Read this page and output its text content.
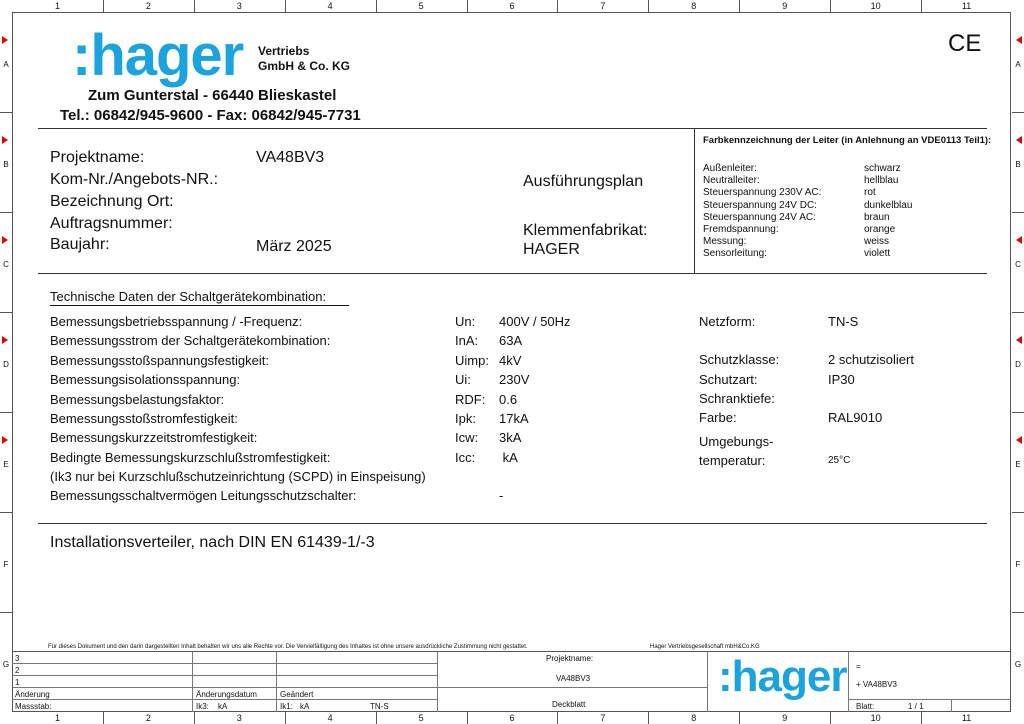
1	2	3	4	5	6	7	8	9	10	11
1	2	3	4	5	6	7	8	9	10	11
A
B
C
D
E
F
G
A
B
C
D
E
F
G
CE
:hager Vertriebs
GmbH & Co. KG
Zum Gunterstal - 66440 Blieskastel
Tel.: 06842/945-9600 - Fax: 06842/945-7731
Farbkennzeichnung der Leiter (in Anlehnung an VDE0113 Teil1):
Außenleiter:	schwarz
Neutralleiter:	hellblau
Steuerspannung 230V AC:	rot
Steuerspannung 24V DC:	dunkelblau
Steuerspannung 24V AC:	braun
Fremdspannung:	orange
Messung:	weiss
Sensorleitung:	violett
Projektname:	VA48BV3
Kom-Nr./Angebots-NR.:
Bezeichnung Ort:
Auftragsnummer:
Baujahr:	März 2025
Ausführungsplan
Klemmenfabrikat:
HAGER
Technische Daten der Schaltgerätekombination:
Bemessungsbetriebsspannung / -Frequenz:	Un: 400V / 50Hz
Bemessungsstrom der Schaltgerätekombination:	InA: 63A
Bemessungsstoßspannungsfestigkeit:	Uimp: 4kV
Bemessungsisolationsspannung:	Ui: 230V
Bemessungsbelastungsfaktor:	RDF: 0.6
Bemessungsstoßstromfestigkeit:	Ipk: 17kA
Bemessungskurzzeitstromfestigkeit:	Icw: 3kA
Bedingte Bemessungskurzschlußstromfestigkeit:	Icc: kA
(Ik3 nur bei Kurzschlußschutzeinrichtung (SCPD) in Einspeisung)
Bemessungsschaltvermögen Leitungsschutzschalter:	-
Netzform:	TN-S
Schutzklasse:	2 schutzisoliert
Schutzart:	IP30
Schranktiefe:
Farbe:	RAL9010
Umgebungs-
temperatur:	25°C
Installationsverteiler, nach DIN EN 61439-1/-3
Für dieses Dokument und den darin dargestellten Inhalt behalten wir uns alle Rechte vor. Die Vervielfältigung des Inhaltes ist ohne unsere ausdrückliche Zustimmung nicht gestattet.	Hager Vertriebsgesellschaft mbH&Co.KG
3
2
1
Änderung	Änderungsdatum	Geändert
Massstab:	Ik3: kA	Ik1: kA	TN-S
Projektname:
VA48BV3
Deckblatt
:hager =
+ VA48BV3
Blatt:	1 / 1
